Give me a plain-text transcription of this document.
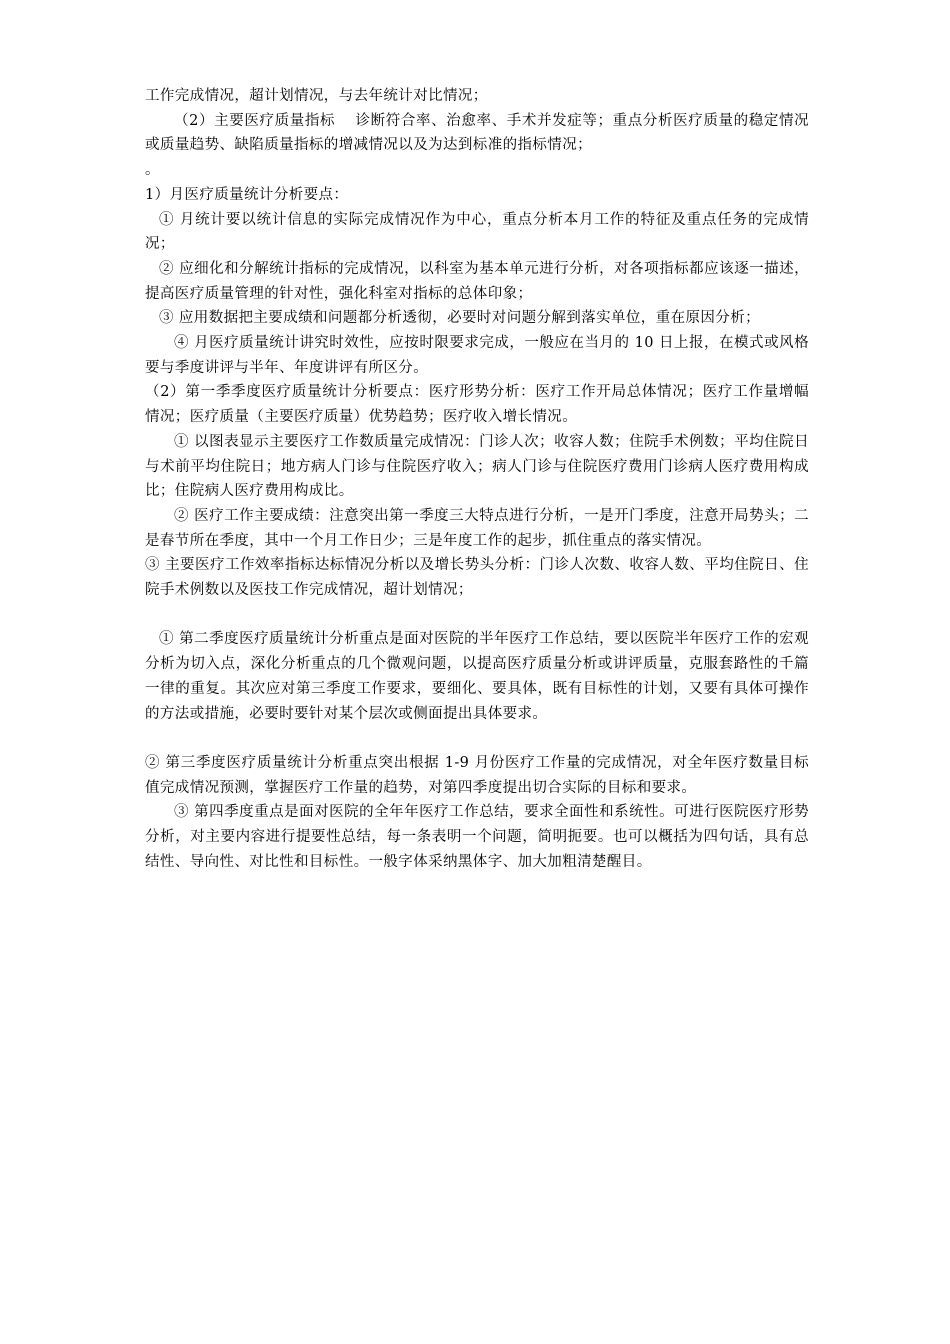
工作完成情况，超计划情况，与去年统计对比情况；

（2）主要医疗质量指标　 诊断符合率、治愈率、手术并发症等；重点分析医疗质量的稳定情况或质量趋势、缺陷质量指标的增减情况以及为达到标准的指标情况；

。

1）月医疗质量统计分析要点：

① 月统计要以统计信息的实际完成情况作为中心，重点分析本月工作的特征及重点任务的完成情况；

② 应细化和分解统计指标的完成情况，以科室为基本单元进行分析，对各项指标都应该逐一描述，提高医疗质量管理的针对性，强化科室对指标的总体印象；

③ 应用数据把主要成绩和问题都分析透彻，必要时对问题分解到落实单位，重在原因分析；

④ 月医疗质量统计讲究时效性，应按时限要求完成，一般应在当月的 10 日上报，在模式或风格要与季度讲评与半年、年度讲评有所区分。

（2）第一季季度医疗质量统计分析要点：医疗形势分析：医疗工作开局总体情况；医疗工作量增幅情况；医疗质量（主要医疗质量）优势趋势；医疗收入增长情况。

① 以图表显示主要医疗工作数质量完成情况：门诊人次；收容人数；住院手术例数；平均住院日与术前平均住院日；地方病人门诊与住院医疗收入；病人门诊与住院医疗费用门诊病人医疗费用构成比；住院病人医疗费用构成比。

② 医疗工作主要成绩：注意突出第一季度三大特点进行分析，一是开门季度，注意开局势头；二是春节所在季度，其中一个月工作日少；三是年度工作的起步，抓住重点的落实情况。

③ 主要医疗工作效率指标达标情况分析以及增长势头分析：门诊人次数、收容人数、平均住院日、住院手术例数以及医技工作完成情况，超计划情况；

① 第二季度医疗质量统计分析重点是面对医院的半年医疗工作总结，要以医院半年医疗工作的宏观分析为切入点，深化分析重点的几个微观问题，以提高医疗质量分析或讲评质量，克服套路性的千篇一律的重复。其次应对第三季度工作要求，要细化、要具体，既有目标性的计划，又要有具体可操作的方法或措施，必要时要针对某个层次或侧面提出具体要求。

② 第三季度医疗质量统计分析重点突出根据 1-9 月份医疗工作量的完成情况，对全年医疗数量目标值完成情况预测，掌握医疗工作量的趋势，对第四季度提出切合实际的目标和要求。

③ 第四季度重点是面对医院的全年年医疗工作总结，要求全面性和系统性。可进行医院医疗形势分析，对主要内容进行提要性总结，每一条表明一个问题，简明扼要。也可以概括为四句话，具有总结性、导向性、对比性和目标性。一般字体采纳黑体字、加大加粗清楚醒目。
